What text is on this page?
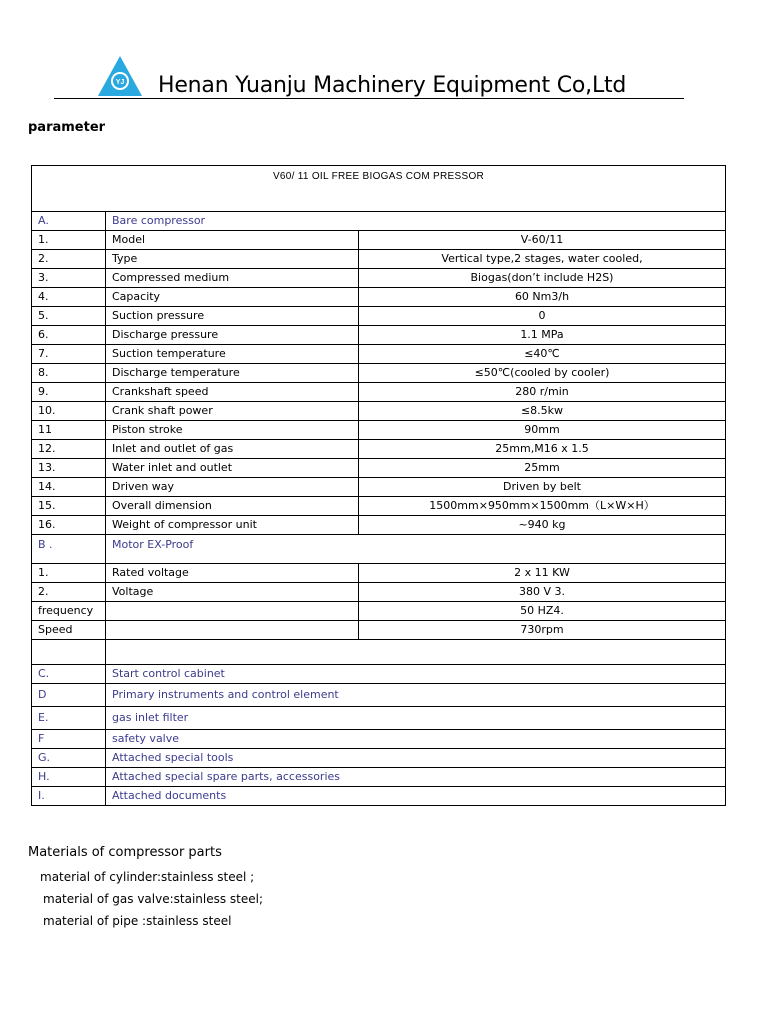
YJ Henan Yuanju Machinery Equipment Co,Ltd
parameter
V60/ 11 OIL FREE BIOGAS COM PRESSOR		
A.	Bare compressor	
1.	Model	V-60/11
2.	Type	Vertical type,2 stages, water cooled,
3.	Compressed medium	Biogas(don’t include H2S)
4.	Capacity	60 Nm3/h
5.	Suction pressure	0
6.	Discharge pressure	1.1 MPa
7.	Suction temperature	≤40℃
8.	Discharge temperature	≤50℃(cooled by cooler)
9.	Crankshaft speed	280 r/min
10.	Crank shaft power	≤8.5kw
11	Piston stroke	90mm
12.	Inlet and outlet of gas	25mm,M16 x 1.5
13.	Water inlet and outlet	25mm
14.	Driven way	Driven by belt
15.	Overall dimension	1500mm×950mm×1500mm（L×W×H）
16.	Weight of compressor unit	~940 kg
B .	Motor EX-Proof	
1.	Rated voltage	2 x 11 KW
2.	Voltage	380 V 3.
frequency		50 HZ4.
Speed		730rpm

C.	Start control cabinet	
D	Primary instruments and control element	
E.	gas inlet filter	
F	safety valve	
G.	Attached special tools	
H.	Attached special spare parts, accessories	
I.	Attached documents	
Materials of compressor parts
material of cylinder:stainless steel ;
material of gas valve:stainless steel;
material of pipe :stainless steel
